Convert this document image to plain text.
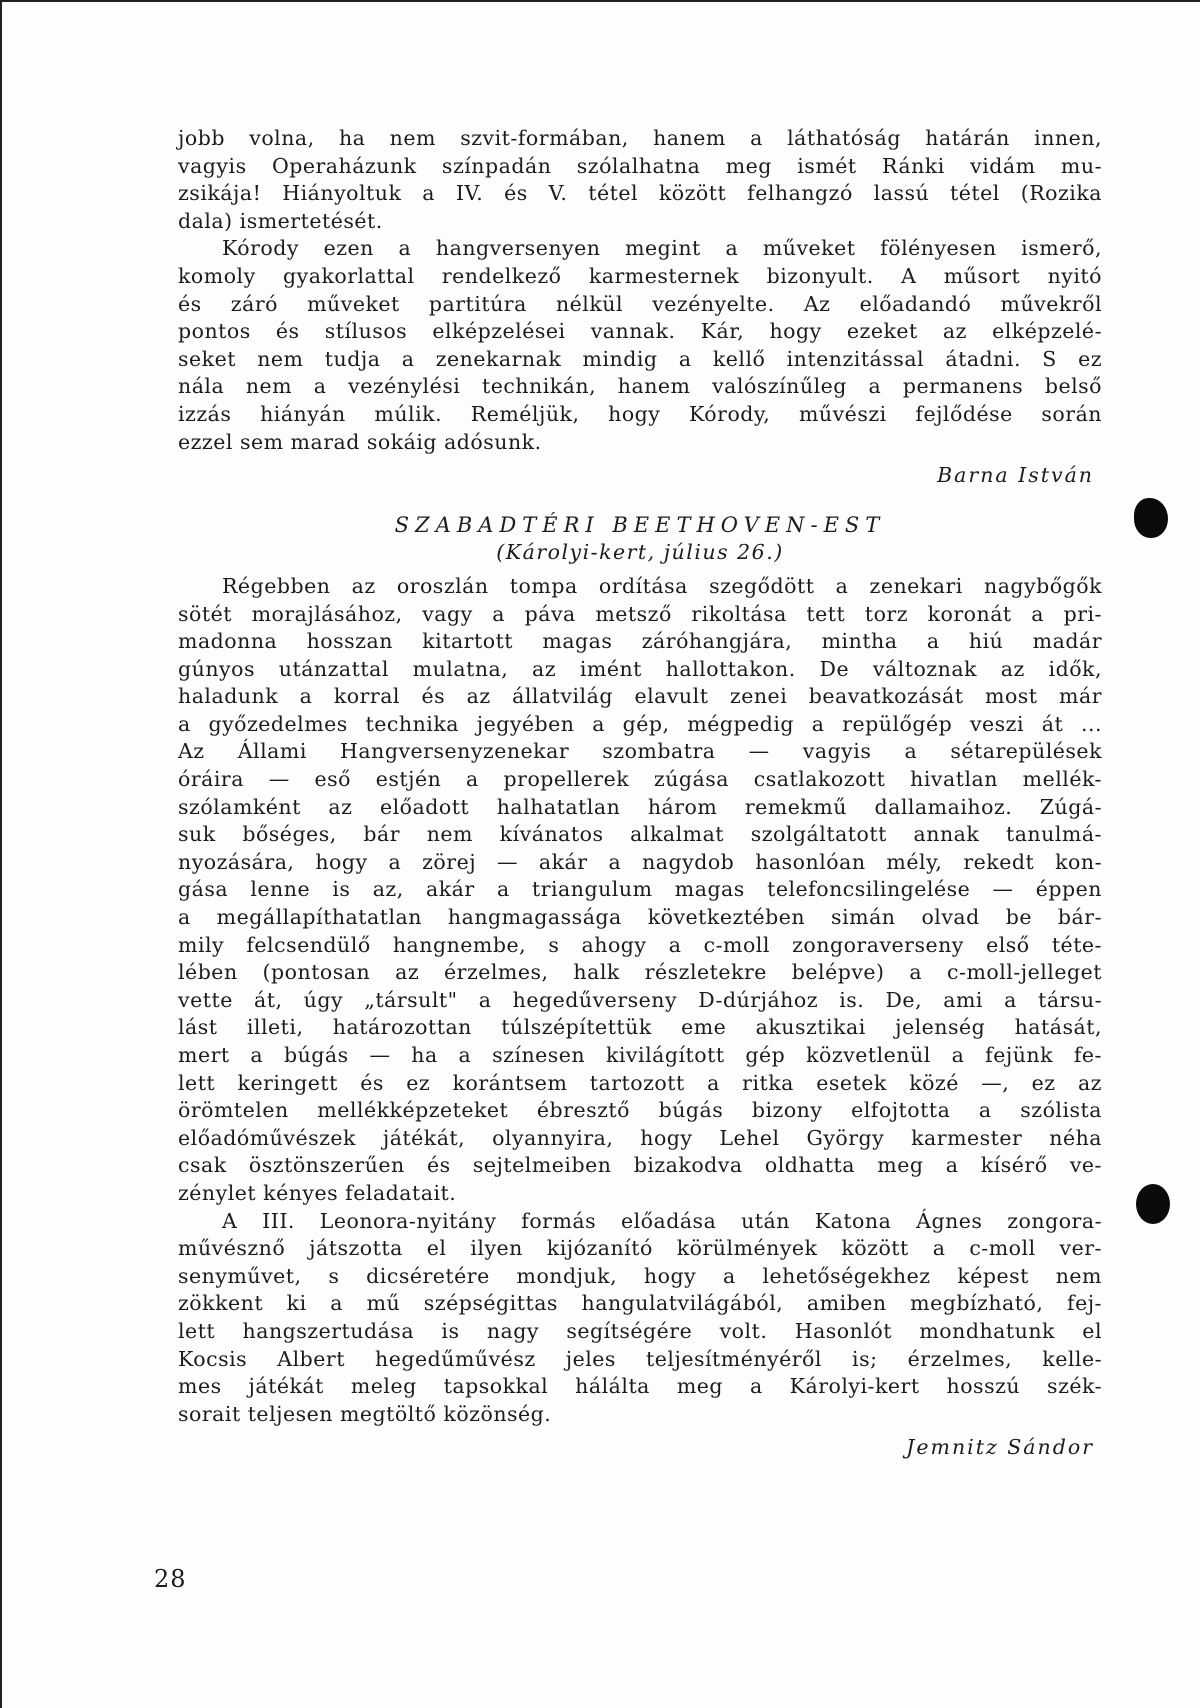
jobb volna, ha nem szvit-formában, hanem a láthatóság határán innen,

vagyis Operaházunk színpadán szólalhatna meg ismét Ránki vidám mu-

zsikája! Hiányoltuk a IV. és V. tétel között felhangzó lassú tétel (Rozika

dala) ismertetését.

Kórody ezen a hangversenyen megint a műveket fölényesen ismerő,

komoly gyakorlattal rendelkező karmesternek bizonyult. A műsort nyitó

és záró műveket partitúra nélkül vezényelte. Az előadandó művekről

pontos és stílusos elképzelései vannak. Kár, hogy ezeket az elképzelé-

seket nem tudja a zenekarnak mindig a kellő intenzitással átadni. S ez

nála nem a vezénylési technikán, hanem valószínűleg a permanens belső

izzás hiányán múlik. Reméljük, hogy Kórody, művészi fejlődése során

ezzel sem marad sokáig adósunk.

Barna István
SZABADTÉRI BEETHOVEN-EST
(Károlyi-kert, július 26.)

Régebben az oroszlán tompa ordítása szegődött a zenekari nagybőgők

sötét morajlásához, vagy a páva metsző rikoltása tett torz koronát a pri-

madonna hosszan kitartott magas záróhangjára, mintha a hiú madár

gúnyos utánzattal mulatna, az imént hallottakon. De változnak az idők,

haladunk a korral és az állatvilág elavult zenei beavatkozását most már

a győzedelmes technika jegyében a gép, mégpedig a repülőgép veszi át ...

Az Állami Hangversenyzenekar szombatra — vagyis a sétarepülések

óráira — eső estjén a propellerek zúgása csatlakozott hivatlan mellék-

szólamként az előadott halhatatlan három remekmű dallamaihoz. Zúgá-

suk bőséges, bár nem kívánatos alkalmat szolgáltatott annak tanulmá-

nyozására, hogy a zörej — akár a nagydob hasonlóan mély, rekedt kon-

gása lenne is az, akár a triangulum magas telefoncsilingelése — éppen

a megállapíthatatlan hangmagassága következtében simán olvad be bár-

mily felcsendülő hangnembe, s ahogy a c-moll zongoraverseny első téte-

lében (pontosan az érzelmes, halk részletekre belépve) a c-moll-jelleget

vette át, úgy „társult" a hegedűverseny D-dúrjához is. De, ami a társu-

lást illeti, határozottan túlszépítettük eme akusztikai jelenség hatását,

mert a búgás — ha a színesen kivilágított gép közvetlenül a fejünk fe-

lett keringett és ez korántsem tartozott a ritka esetek közé —, ez az

örömtelen mellékképzeteket ébresztő búgás bizony elfojtotta a szólista

előadóművészek játékát, olyannyira, hogy Lehel György karmester néha

csak ösztönszerűen és sejtelmeiben bizakodva oldhatta meg a kísérő ve-

zénylet kényes feladatait.

A III. Leonora-nyitány formás előadása után Katona Ágnes zongora-

művésznő játszotta el ilyen kijózanító körülmények között a c-moll ver-

senyművet, s dicséretére mondjuk, hogy a lehetőségekhez képest nem

zökkent ki a mű szépségittas hangulatvilágából, amiben megbízható, fej-

lett hangszertudása is nagy segítségére volt. Hasonlót mondhatunk el

Kocsis Albert hegedűművész jeles teljesítményéről is; érzelmes, kelle-

mes játékát meleg tapsokkal hálálta meg a Károlyi-kert hosszú szék-

sorait teljesen megtöltő közönség.

Jemnitz Sándor
28
